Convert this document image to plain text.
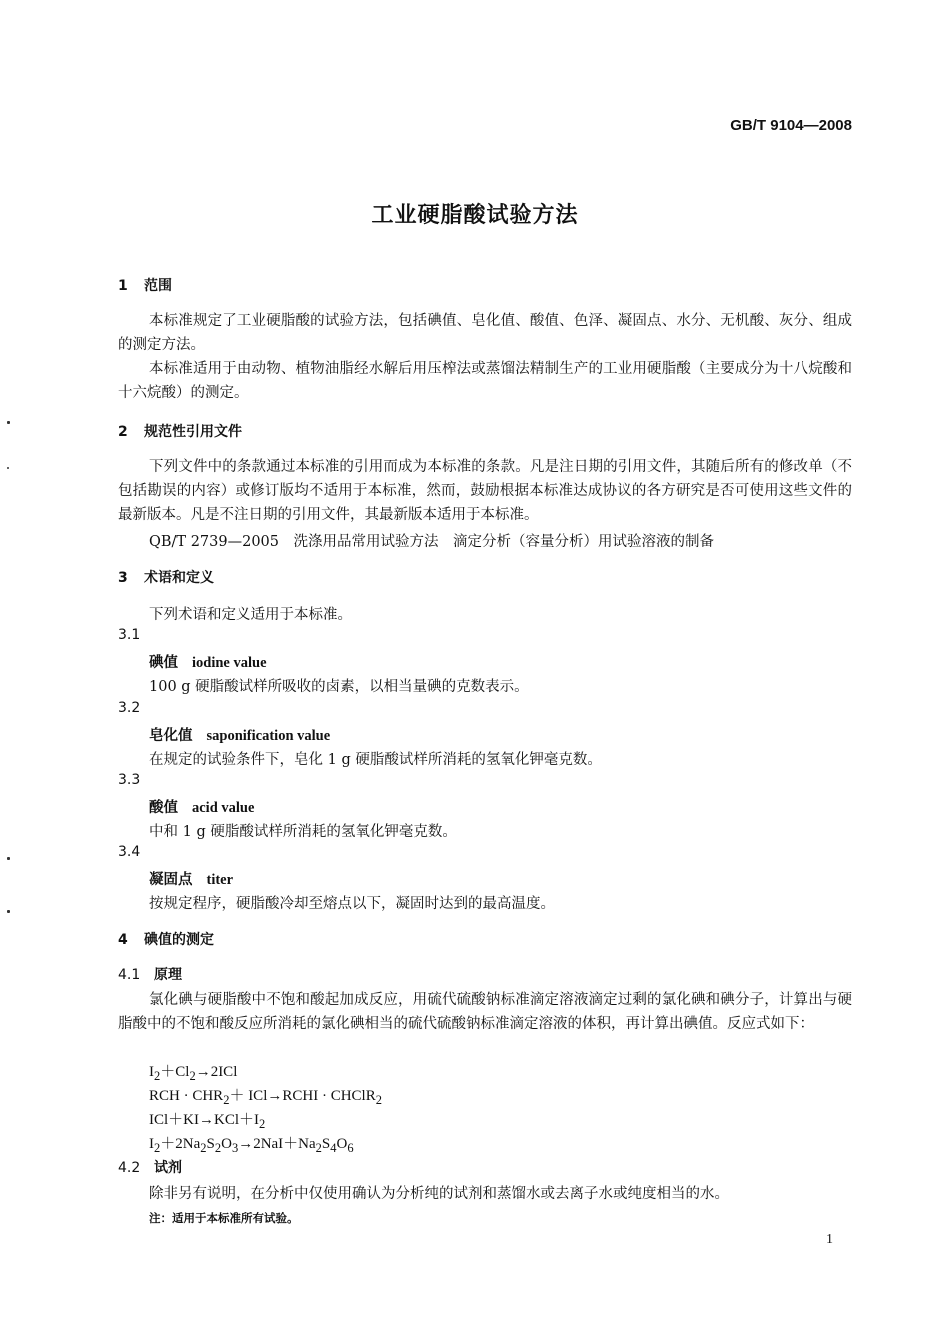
GB/T 9104—2008
工业硬脂酸试验方法
1 范围
本标准规定了工业硬脂酸的试验方法，包括碘值、皂化值、酸值、色泽、凝固点、水分、无机酸、灰分、组成的测定方法。
本标准适用于由动物、植物油脂经水解后用压榨法或蒸馏法精制生产的工业用硬脂酸（主要成分为十八烷酸和十六烷酸）的测定。
2 规范性引用文件
下列文件中的条款通过本标准的引用而成为本标准的条款。凡是注日期的引用文件，其随后所有的修改单（不包括勘误的内容）或修订版均不适用于本标准，然而，鼓励根据本标准达成协议的各方研究是否可使用这些文件的最新版本。凡是不注日期的引用文件，其最新版本适用于本标准。
QB/T 2739—2005　洗涤用品常用试验方法　滴定分析（容量分析）用试验溶液的制备
3 术语和定义
下列术语和定义适用于本标准。
3.1
碘值 iodine value
100 g 硬脂酸试样所吸收的卤素，以相当量碘的克数表示。
3.2
皂化值 saponification value
在规定的试验条件下，皂化 1 g 硬脂酸试样所消耗的氢氧化钾毫克数。
3.3
酸值 acid value
中和 1 g 硬脂酸试样所消耗的氢氧化钾毫克数。
3.4
凝固点 titer
按规定程序，硬脂酸冷却至熔点以下，凝固时达到的最高温度。
4 碘值的测定
4.1 原理
氯化碘与硬脂酸中不饱和酸起加成反应，用硫代硫酸钠标准滴定溶液滴定过剩的氯化碘和碘分子，计算出与硬脂酸中的不饱和酸反应所消耗的氯化碘相当的硫代硫酸钠标准滴定溶液的体积，再计算出碘值。反应式如下：
$I_2+Cl_2\to 2ICl$
RCH · $CHR_2+$ ICl→RCHI · CHClR$_2$
$ICl+KI\to KCl+I_2$
$I_2+2Na_2S_2O_3\to 2NaI+Na_2S_4O_6$
4.2 试剂
除非另有说明，在分析中仅使用确认为分析纯的试剂和蒸馏水或去离子水或纯度相当的水。
注：适用于本标准所有试验。
1
